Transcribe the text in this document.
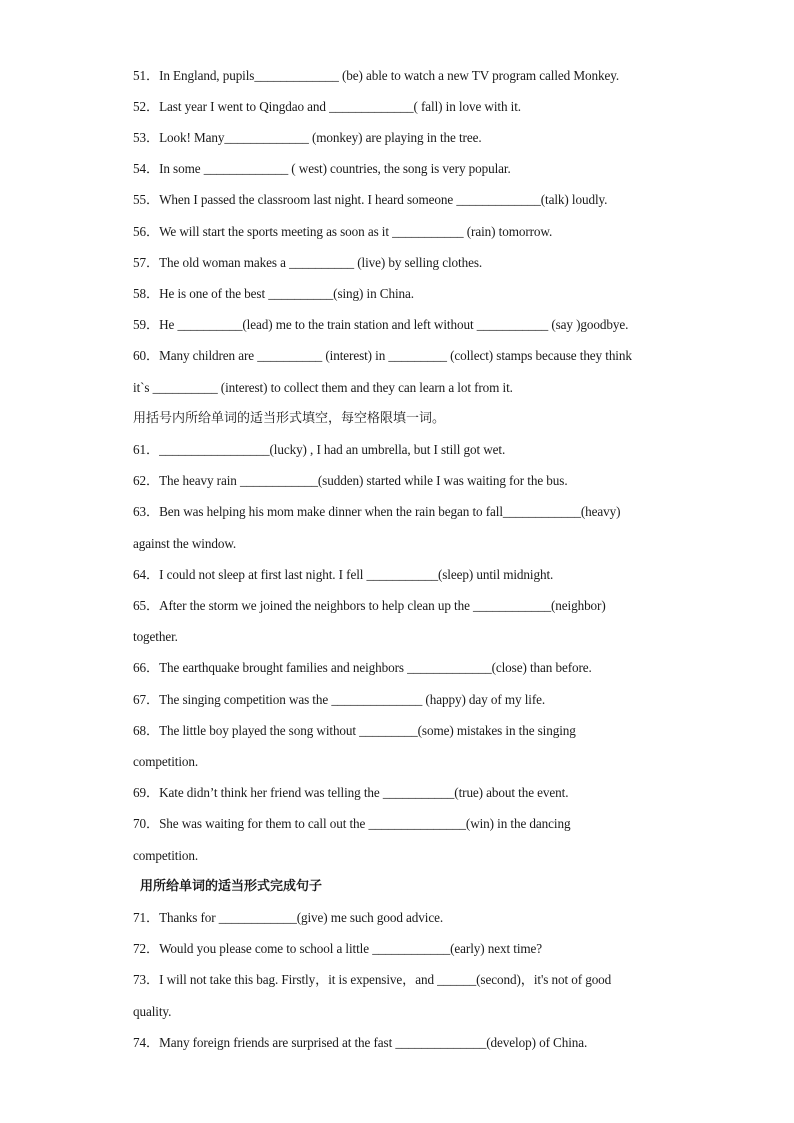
51．In England, pupils_____________ (be) able to watch a new TV program called Monkey.
52．Last year I went to Qingdao and _____________( fall) in love with it.
53．Look! Many_____________ (monkey) are playing in the tree.
54．In some _____________ ( west) countries, the song is very popular.
55．When I passed the classroom last night. I heard someone _____________(talk) loudly.
56．We will start the sports meeting as soon as it ___________ (rain) tomorrow.
57．The old woman makes a __________ (live) by selling clothes.
58．He is one of the best __________(sing) in China.
59．He __________(lead) me to the train station and left without ___________ (say )goodbye.
60．Many children are __________ (interest) in _________ (collect) stamps because they think
it`s __________ (interest) to collect them and they can learn a lot from it.
用括号内所给单词的适当形式填空，每空格限填一词。
61．_________________(lucky) , I had an umbrella, but I still got wet.
62．The heavy rain ____________(sudden) started while I was waiting for the bus.
63．Ben was helping his mom make dinner when the rain began to fall____________(heavy)
against the window.
64．I could not sleep at first last night. I fell ___________(sleep) until midnight.
65．After the storm we joined the neighbors to help clean up the ____________(neighbor)
together.
66．The earthquake brought families and neighbors _____________(close) than before.
67．The singing competition was the ______________ (happy) day of my life.
68．The little boy played the song without _________(some) mistakes in the singing
competition.
69．Kate didn’t think her friend was telling the ___________(true) about the event.
70．She was waiting for them to call out the _______________(win) in the dancing
competition.
用所给单词的适当形式完成句子
71．Thanks for ____________(give) me such good advice.
72．Would you please come to school a little ____________(early) next time?
73．I will not take this bag. Firstly，it is expensive，and ______(second)，it's not of good
quality.
74．Many foreign friends are surprised at the fast ______________(develop) of China.
